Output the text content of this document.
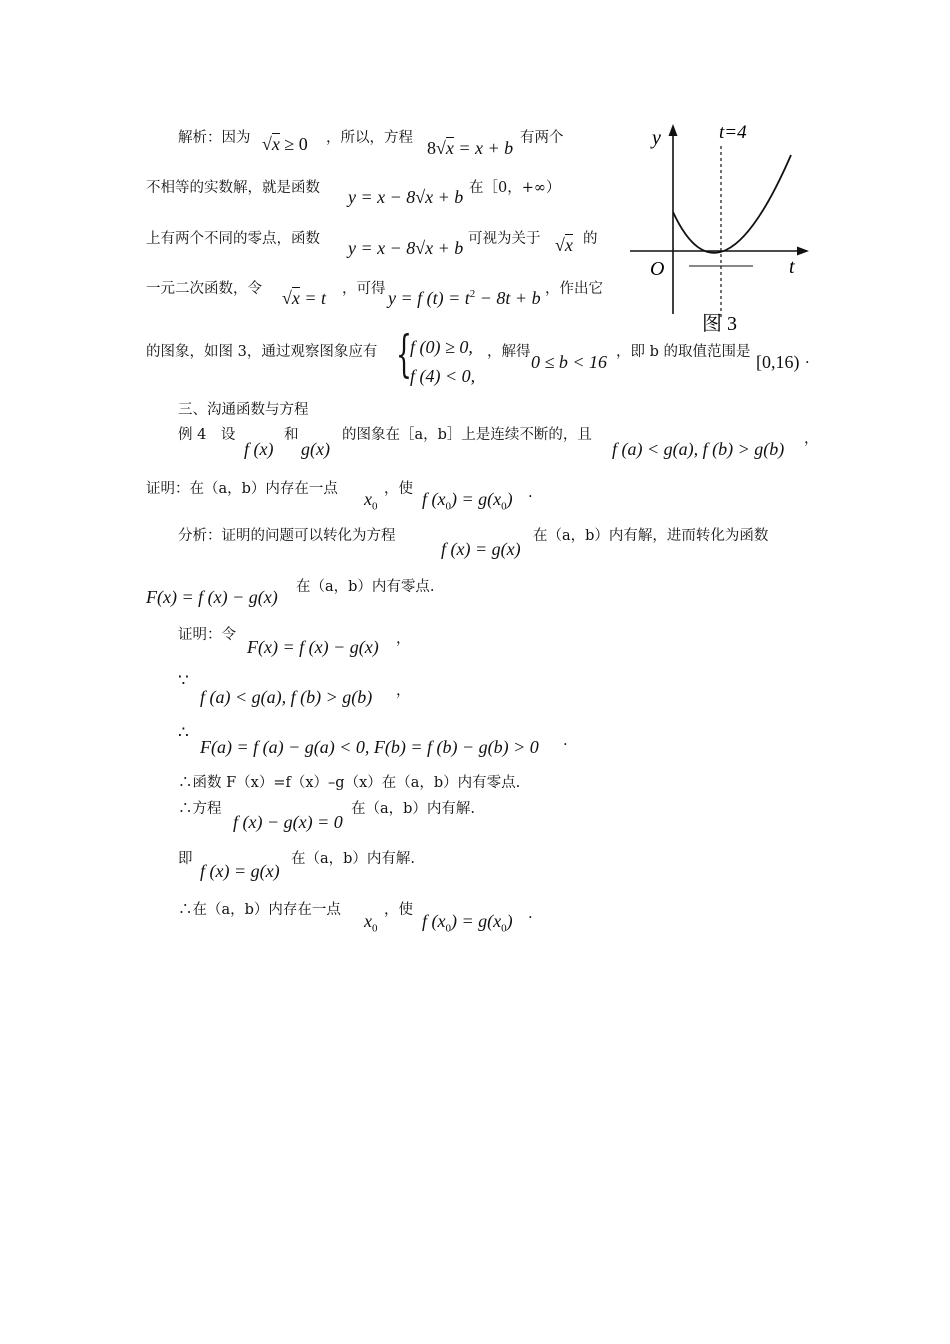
y
t
O
t=4
图 3
解析：因为 √x ≥ 0 ，所以，方程 8√x = x + b 有两个
不相等的实数解，就是函数 y = x − 8√x + b 在［0，+∞）
上有两个不同的零点，函数 y = x − 8√x + b 可视为关于 √x 的
一元二次函数，令 √x = t ，可得 y = f $(t) = t^2 - 8t + b$ ，作出它
的图象，如图 3，通过观察图象应有 {
f (0) ≥ 0,
f (4) < 0,
，解得 0 ≤ b < 16 ，即 b 的取值范围是 [0,16) .
三、沟通函数与方程
例 4　设
f (x)
和
g(x)
的图象在［a，b］上是连续不断的，且
f (a) < g(a), f (b) > g(b) ，
证明：在（a，b）内存在一点 $x_0$
，使 f $(x_0) = g(x_0)$ .
分析：证明的问题可以转化为方程
f (x) = g(x)
在（a，b）内有解，进而转化为函数
F(x) = f (x) − g(x) 在（a，b）内有零点.
证明：令
F(x) = f (x) − g(x) ，
∵
f (a) < g(a), f (b) > g(b) ，
∴
F(a) = f (a) − g(a) < 0, F(b) = f (b) − g(b) > 0 .
∴函数 F（x）=f（x）–g（x）在（a，b）内有零点.
∴方程
f (x) − g(x) = 0
在（a，b）内有解.
即
f (x) = g(x)
在（a，b）内有解.
∴在（a，b）内存在一点
$x_0$
，使
f $(x_0) = g(x_0)$ .
